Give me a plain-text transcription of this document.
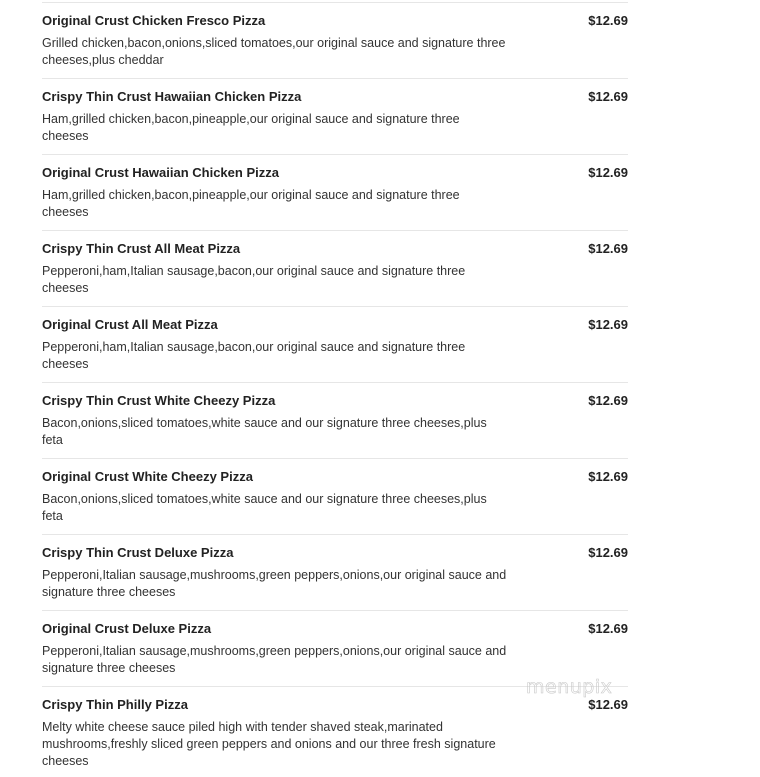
Original Crust Chicken Fresco Pizza	$12.69
Grilled chicken,bacon,onions,sliced tomatoes,our original sauce and signature three cheeses,plus cheddar
Crispy Thin Crust Hawaiian Chicken Pizza	$12.69
Ham,grilled chicken,bacon,pineapple,our original sauce and signature three cheeses
Original Crust Hawaiian Chicken Pizza	$12.69
Ham,grilled chicken,bacon,pineapple,our original sauce and signature three cheeses
Crispy Thin Crust All Meat Pizza	$12.69
Pepperoni,ham,Italian sausage,bacon,our original sauce and signature three cheeses
Original Crust All Meat Pizza	$12.69
Pepperoni,ham,Italian sausage,bacon,our original sauce and signature three cheeses
Crispy Thin Crust White Cheezy Pizza	$12.69
Bacon,onions,sliced tomatoes,white sauce and our signature three cheeses,plus feta
Original Crust White Cheezy Pizza	$12.69
Bacon,onions,sliced tomatoes,white sauce and our signature three cheeses,plus feta
Crispy Thin Crust Deluxe Pizza	$12.69
Pepperoni,Italian sausage,mushrooms,green peppers,onions,our original sauce and signature three cheeses
Original Crust Deluxe Pizza	$12.69
Pepperoni,Italian sausage,mushrooms,green peppers,onions,our original sauce and signature three cheeses
Crispy Thin Philly Pizza	$12.69
Melty white cheese sauce piled high with tender shaved steak,marinated mushrooms,freshly sliced green peppers and onions and our three fresh signature cheeses
menupix
